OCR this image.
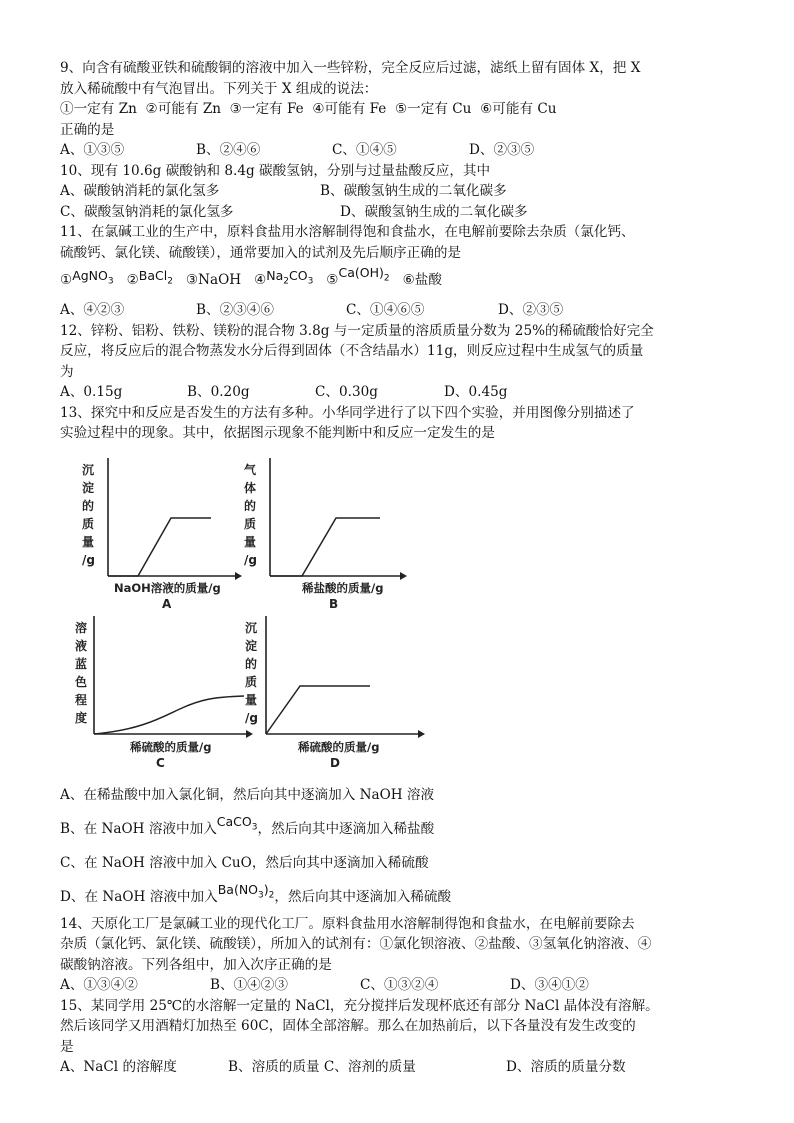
9、向含有硫酸亚铁和硫酸铜的溶液中加入一些锌粉，完全反应后过滤，滤纸上留有固体 X，把 X
放入稀硫酸中有气泡冒出。下列关于 X 组成的说法：
①一定有 Zn  ②可能有 Zn  ③一定有 Fe  ④可能有 Fe  ⑤一定有 Cu  ⑥可能有 Cu
正确的是
A、①③⑤	B、②④⑥	C、①④⑤	D、②③⑤
10、现有 10.6g 碳酸钠和 8.4g 碳酸氢钠，分别与过量盐酸反应，其中
A、碳酸钠消耗的氯化氢多	B、碳酸氢钠生成的二氧化碳多
C、碳酸氢钠消耗的氯化氢多	D、碳酸氢钠生成的二氧化碳多
11、在氯碱工业的生产中，原料食盐用水溶解制得饱和食盐水，在电解前要除去杂质（氯化钙、
硫酸钙、氯化镁、硫酸镁），通常要加入的试剂及先后顺序正确的是
①AgNO$_3$ ②BaCl$_2$ ③NaOH $④Na_2CO_3$ $⑤Ca(OH)_2$ ⑥盐酸
A、④②③	B、②③④⑥	C、①④⑥⑤	D、②③⑤
12、锌粉、铝粉、铁粉、镁粉的混合物 3.8g 与一定质量的溶质质量分数为 25%的稀硫酸恰好完全
反应，将反应后的混合物蒸发水分后得到固体（不含结晶水）11g，则反应过程中生成氢气的质量
为
A、0.15g	B、0.20g	C、0.30g	D、0.45g
13、探究中和反应是否发生的方法有多种。小华同学进行了以下四个实验，并用图像分别描述了
实验过程中的现象。其中，依据图示现象不能判断中和反应一定发生的是
沉
淀
的
质
量
/g
NaOH溶液的质量/g
A
气
体
的
质
量
/g
稀盐酸的质量/g
B
溶
液
蓝
色
程
度
稀硫酸的质量/g
C
沉
淀
的
质
量
/g
稀硫酸的质量/g
D
A、在稀盐酸中加入氯化铜，然后向其中逐滴加入 NaOH 溶液
B、在 NaOH 溶液中加入CaCO$_3$，然后向其中逐滴加入稀盐酸
C、在 NaOH 溶液中加入 CuO，然后向其中逐滴加入稀硫酸
D、在 NaOH 溶液中加入$Ba(NO_3)_2$，然后向其中逐滴加入稀硫酸
14、天原化工厂是氯碱工业的现代化工厂。原料食盐用水溶解制得饱和食盐水，在电解前要除去
杂质（氯化钙、氯化镁、硫酸镁），所加入的试剂有：①氯化钡溶液、②盐酸、③氢氧化钠溶液、④
碳酸钠溶液。下列各组中，加入次序正确的是
A、①③④②	B、①④②③	C、①③②④	D、③④①②
15、某同学用 25℃的水溶解一定量的 NaCl，充分搅拌后发现杯底还有部分 NaCl 晶体没有溶解。
然后该同学又用酒精灯加热至 60C，固体全部溶解。那么在加热前后，以下各量没有发生改变的
是
A、NaCl 的溶解度	B、溶质的质量 C、溶剂的质量	D、溶质的质量分数
